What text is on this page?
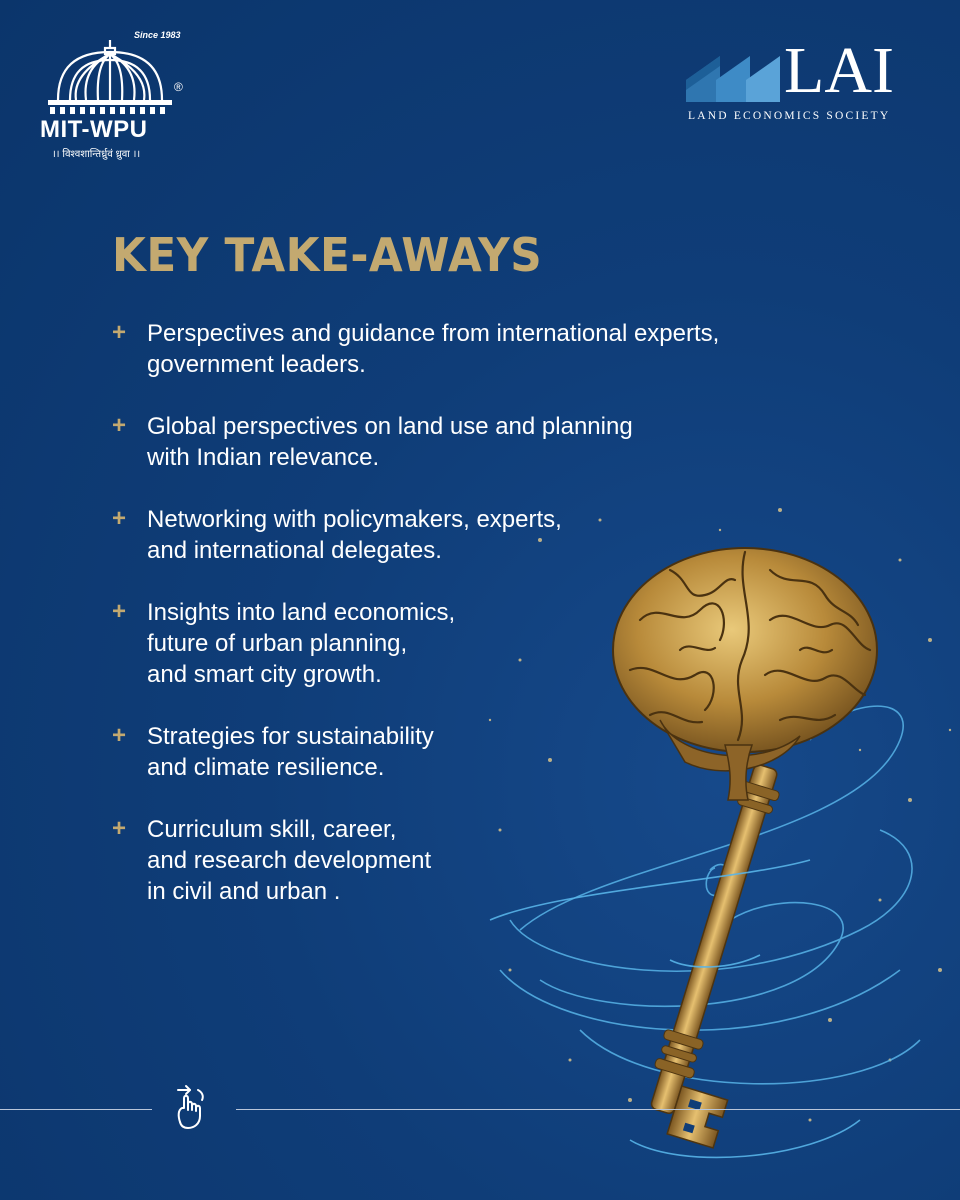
Since 1983
®
MIT-WPU
।। विश्वशान्तिर्ध्रुवं ध्रुवा ।।
LAI
LAND ECONOMICS SOCIETY
KEY TAKE-AWAYS
+ Perspectives and guidance from international experts,
government leaders.
+ Global perspectives on land use and planning
with Indian relevance.
+ Networking with policymakers, experts,
and international delegates.
+ Insights into land economics,
future of urban planning,
and smart city growth.
+ Strategies for sustainability
and climate resilience.
+ Curriculum skill, career,
and research development
in civil and urban .
